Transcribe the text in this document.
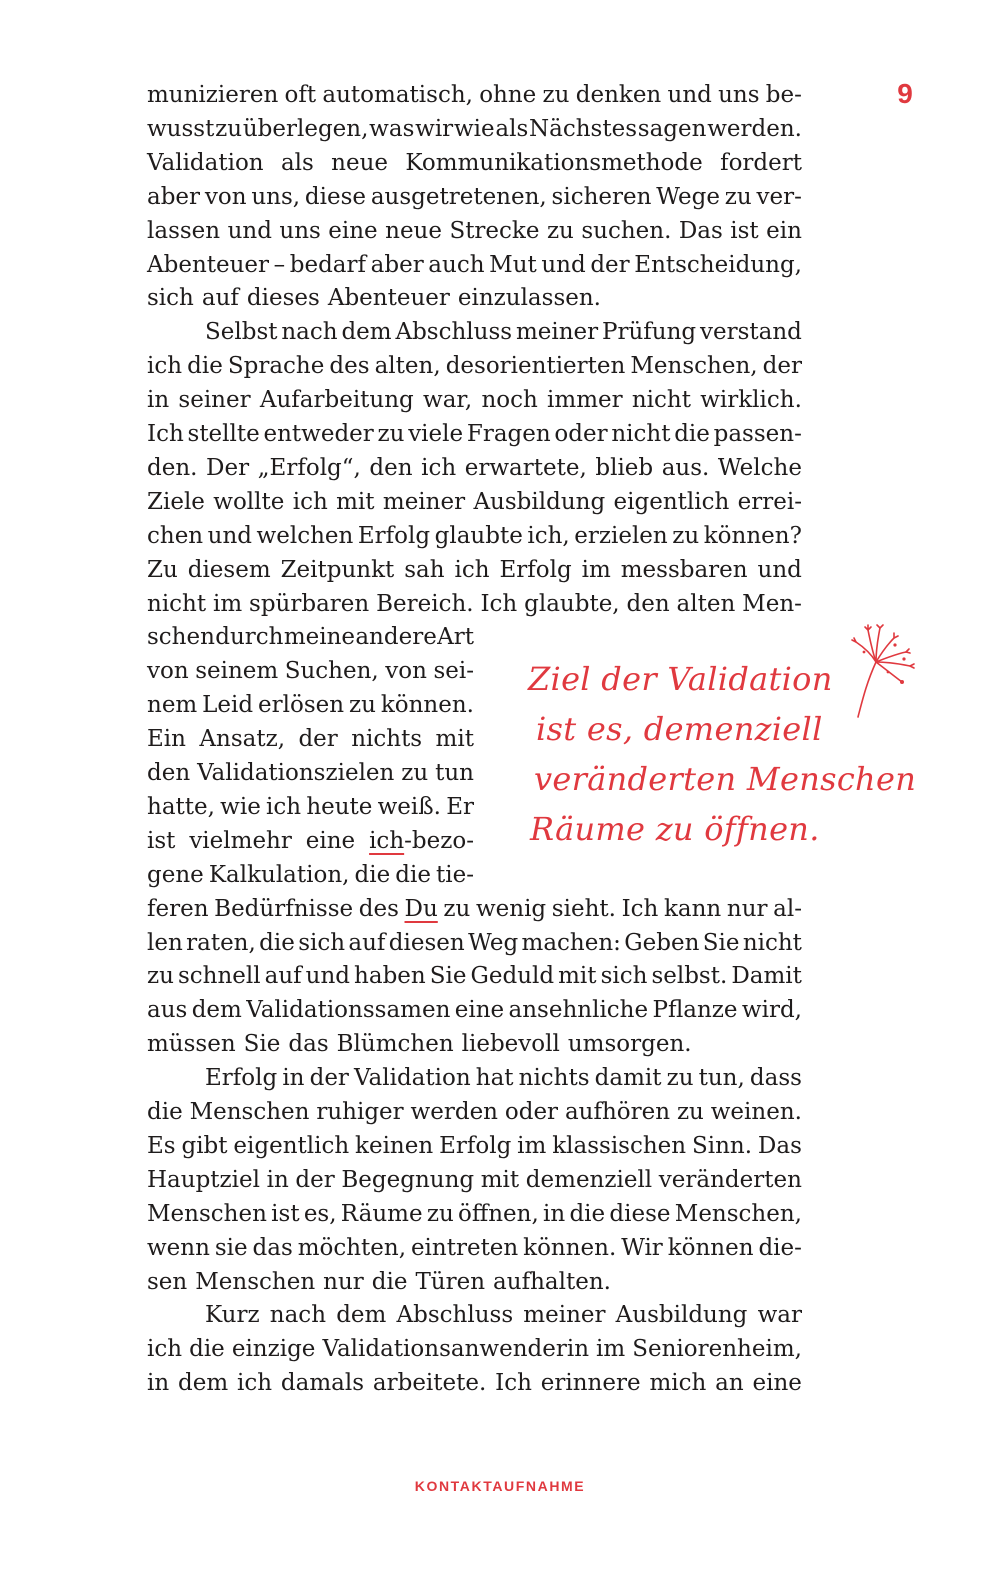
9
munizieren oft automatisch, ohne zu denken und uns be-
wusst zu überlegen, was wir wie als Nächstes sagen werden.
Validation als neue Kommunikationsmethode fordert
aber von uns, diese ausgetretenen, sicheren Wege zu ver-
lassen und uns eine neue Strecke zu suchen. Das ist ein
Abenteuer – bedarf aber auch Mut und der Entscheidung,
sich auf dieses Abenteuer einzulassen.
Selbst nach dem Abschluss meiner Prüfung verstand
ich die Sprache des alten, desorientierten Menschen, der
in seiner Aufarbeitung war, noch immer nicht wirklich.
Ich stellte entweder zu viele Fragen oder nicht die passen-
den. Der „Erfolg“, den ich erwartete, blieb aus. Welche
Ziele wollte ich mit meiner Ausbildung eigentlich errei-
chen und welchen Erfolg glaubte ich, erzielen zu können?
Zu diesem Zeitpunkt sah ich Erfolg im messbaren und
nicht im spürbaren Bereich. Ich glaubte, den alten Men-
schen durch meine andere Art
von seinem Suchen, von sei-
nem Leid erlösen zu können.
Ein Ansatz, der nichts mit
den Validationszielen zu tun
hatte, wie ich heute weiß. Er
ist vielmehr eine ich-bezo-
gene Kalkulation, die die tie-
feren Bedürfnisse des Du zu wenig sieht. Ich kann nur al-
len raten, die sich auf diesen Weg machen: Geben Sie nicht
zu schnell auf und haben Sie Geduld mit sich selbst. Damit
aus dem Validationssamen eine ansehnliche Pflanze wird,
müssen Sie das Blümchen liebevoll umsorgen.
Erfolg in der Validation hat nichts damit zu tun, dass
die Menschen ruhiger werden oder aufhören zu weinen.
Es gibt eigentlich keinen Erfolg im klassischen Sinn. Das
Hauptziel in der Begegnung mit demenziell veränderten
Menschen ist es, Räume zu öffnen, in die diese Menschen,
wenn sie das möchten, eintreten können. Wir können die-
sen Menschen nur die Türen aufhalten.
Kurz nach dem Abschluss meiner Ausbildung war
ich die einzige Validationsanwenderin im Seniorenheim,
in dem ich damals arbeitete. Ich erinnere mich an eine
Ziel der Validation
ist es, demenziell
veränderten Menschen
Räume zu öffnen.
KONTAKTAUFNAHME
